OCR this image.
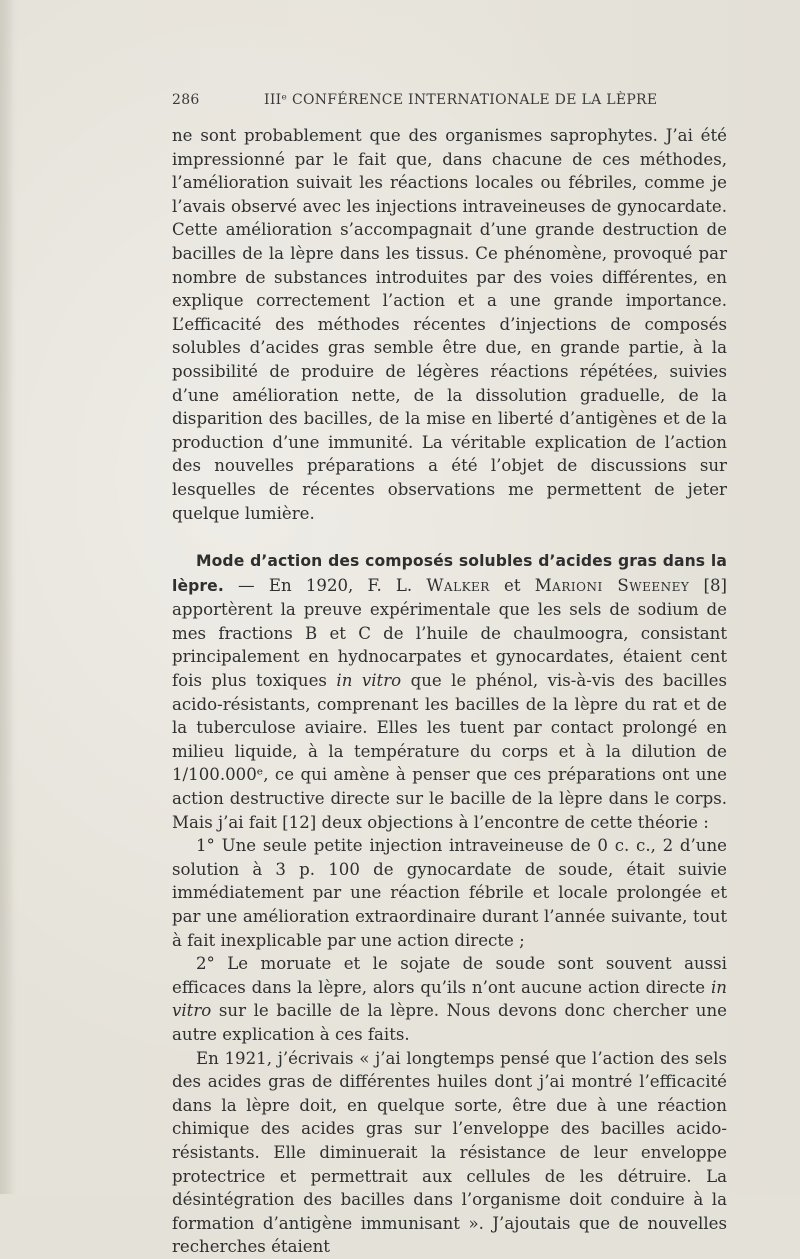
286	IIIᵉ CONFÉRENCE INTERNATIONALE DE LA LÈPRE

ne sont probablement que des organismes saprophytes. J’ai été impressionné par le fait que, dans chacune de ces méthodes, l’amélioration suivait les réactions locales ou fébriles, comme je l’avais observé avec les injections intraveineuses de gynocardate. Cette amélioration s’accompagnait d’une grande destruction de bacilles de la lèpre dans les tissus. Ce phénomène, provoqué par nombre de substances introduites par des voies différentes, en explique correctement l’action et a une grande importance. L’efficacité des méthodes récentes d’injections de composés solubles d’acides gras semble être due, en grande partie, à la possibilité de produire de légères réactions répétées, suivies d’une amélioration nette, de la dissolution graduelle, de la disparition des bacilles, de la mise en liberté d’antigènes et de la production d’une immunité. La véritable explication de l’action des nouvelles préparations a été l’objet de discussions sur lesquelles de récentes observations me permettent de jeter quelque lumière.

Mode d’action des composés solubles d’acides gras dans la lèpre. — En 1920, F. L. Walker et Marioni Sweeney [8] apportèrent la preuve expérimentale que les sels de sodium de mes fractions B et C de l’huile de chaulmoogra, consistant principalement en hydnocarpates et gynocardates, étaient cent fois plus toxiques in vitro que le phénol, vis-à-vis des bacilles acido-résistants, comprenant les bacilles de la lèpre du rat et de la tuberculose aviaire. Elles les tuent par contact prolongé en milieu liquide, à la température du corps et à la dilution de 1/100.000ᵉ, ce qui amène à penser que ces préparations ont une action destructive directe sur le bacille de la lèpre dans le corps. Mais j’ai fait [12] deux objections à l’encontre de cette théorie :

1° Une seule petite injection intraveineuse de 0 c. c., 2 d’une solution à 3 p. 100 de gynocardate de soude, était suivie immédiatement par une réaction fébrile et locale prolongée et par une amélioration extraordinaire durant l’année suivante, tout à fait inexplicable par une action directe ;

2° Le moruate et le sojate de soude sont souvent aussi efficaces dans la lèpre, alors qu’ils n’ont aucune action directe in vitro sur le bacille de la lèpre. Nous devons donc chercher une autre explication à ces faits.

En 1921, j’écrivais « j’ai longtemps pensé que l’action des sels des acides gras de différentes huiles dont j’ai montré l’efficacité dans la lèpre doit, en quelque sorte, être due à une réaction chimique des acides gras sur l’enveloppe des bacilles acido-résistants. Elle diminuerait la résistance de leur enveloppe protectrice et permettrait aux cellules de les détruire. La désintégration des bacilles dans l’organisme doit conduire à la formation d’antigène immunisant ». J’ajoutais que de nouvelles recherches étaient
